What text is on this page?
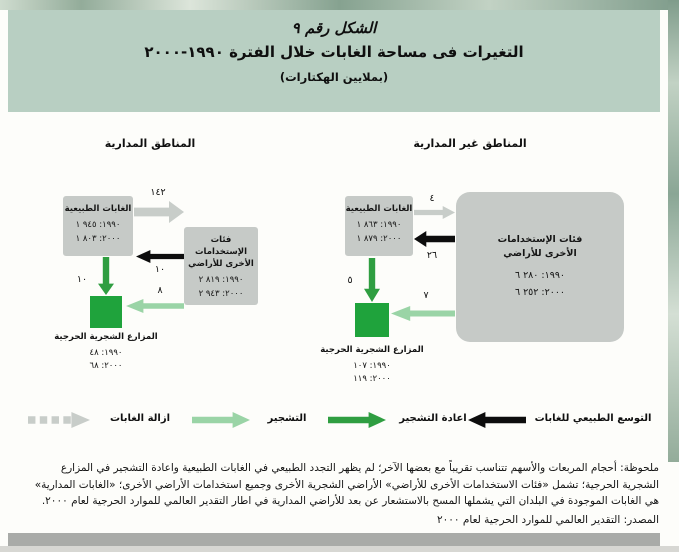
الشكل رقم ٩
التغيرات فى مساحة الغابات خلال الفترة ١٩٩٠-٢٠٠٠
(بملايين الهكتارات)
المناطق غير المدارية
المناطق المدارية
الغابات الطبيعية
١٩٩٠: ١ ٩٤٥
٢٠٠٠: ١ ٨٠٣
١٤٢
فئات الإستخدامات
الأخرى للأراضي
١٩٩٠: ٢ ٨١٩
٢٠٠٠: ٢ ٩٤٣
١٠
١٠
٨
المزارع الشجرية الحرجية
١٩٩٠: ٤٨
٢٠٠٠: ٦٨
الغابات الطبيعية
١٩٩٠: ١ ٨٦٣
٢٠٠٠: ١ ٨٧٩
٤
٢٦
فئات الإستخدامات
الأخرى للأراضي
١٩٩٠: ٦ ٢٨٠
٢٠٠٠: ٦ ٢٥٢
٥
٧
المزارع الشجرية الحرجية
١٩٩٠: ١٠٧
٢٠٠٠: ١١٩
ازالة الغابات	التشجير	اعادة التشجير	التوسع الطبيعي للغابات
ملحوظة: أحجام المربعات والأسهم تتناسب تقريباً مع بعضها الآخر؛ لم يظهر التجدد الطبيعي في الغابات الطبيعية واعادة التشجير في المزارع الشجرية الحرجية؛ تشمل «فئات الاستخدامات الأخرى للأراضي» الأراضي الشجرية الأخرى وجميع استخدامات الأراضي الأخرى؛ «الغابات المدارية» هي الغابات الموجودة في البلدان التي يشملها المسح بالاستشعار عن بعد للأراضي المدارية في اطار التقدير العالمي للموارد الحرجية لعام ٢٠٠٠.
المصدر: التقدير العالمي للموارد الحرجية لعام ٢٠٠٠
